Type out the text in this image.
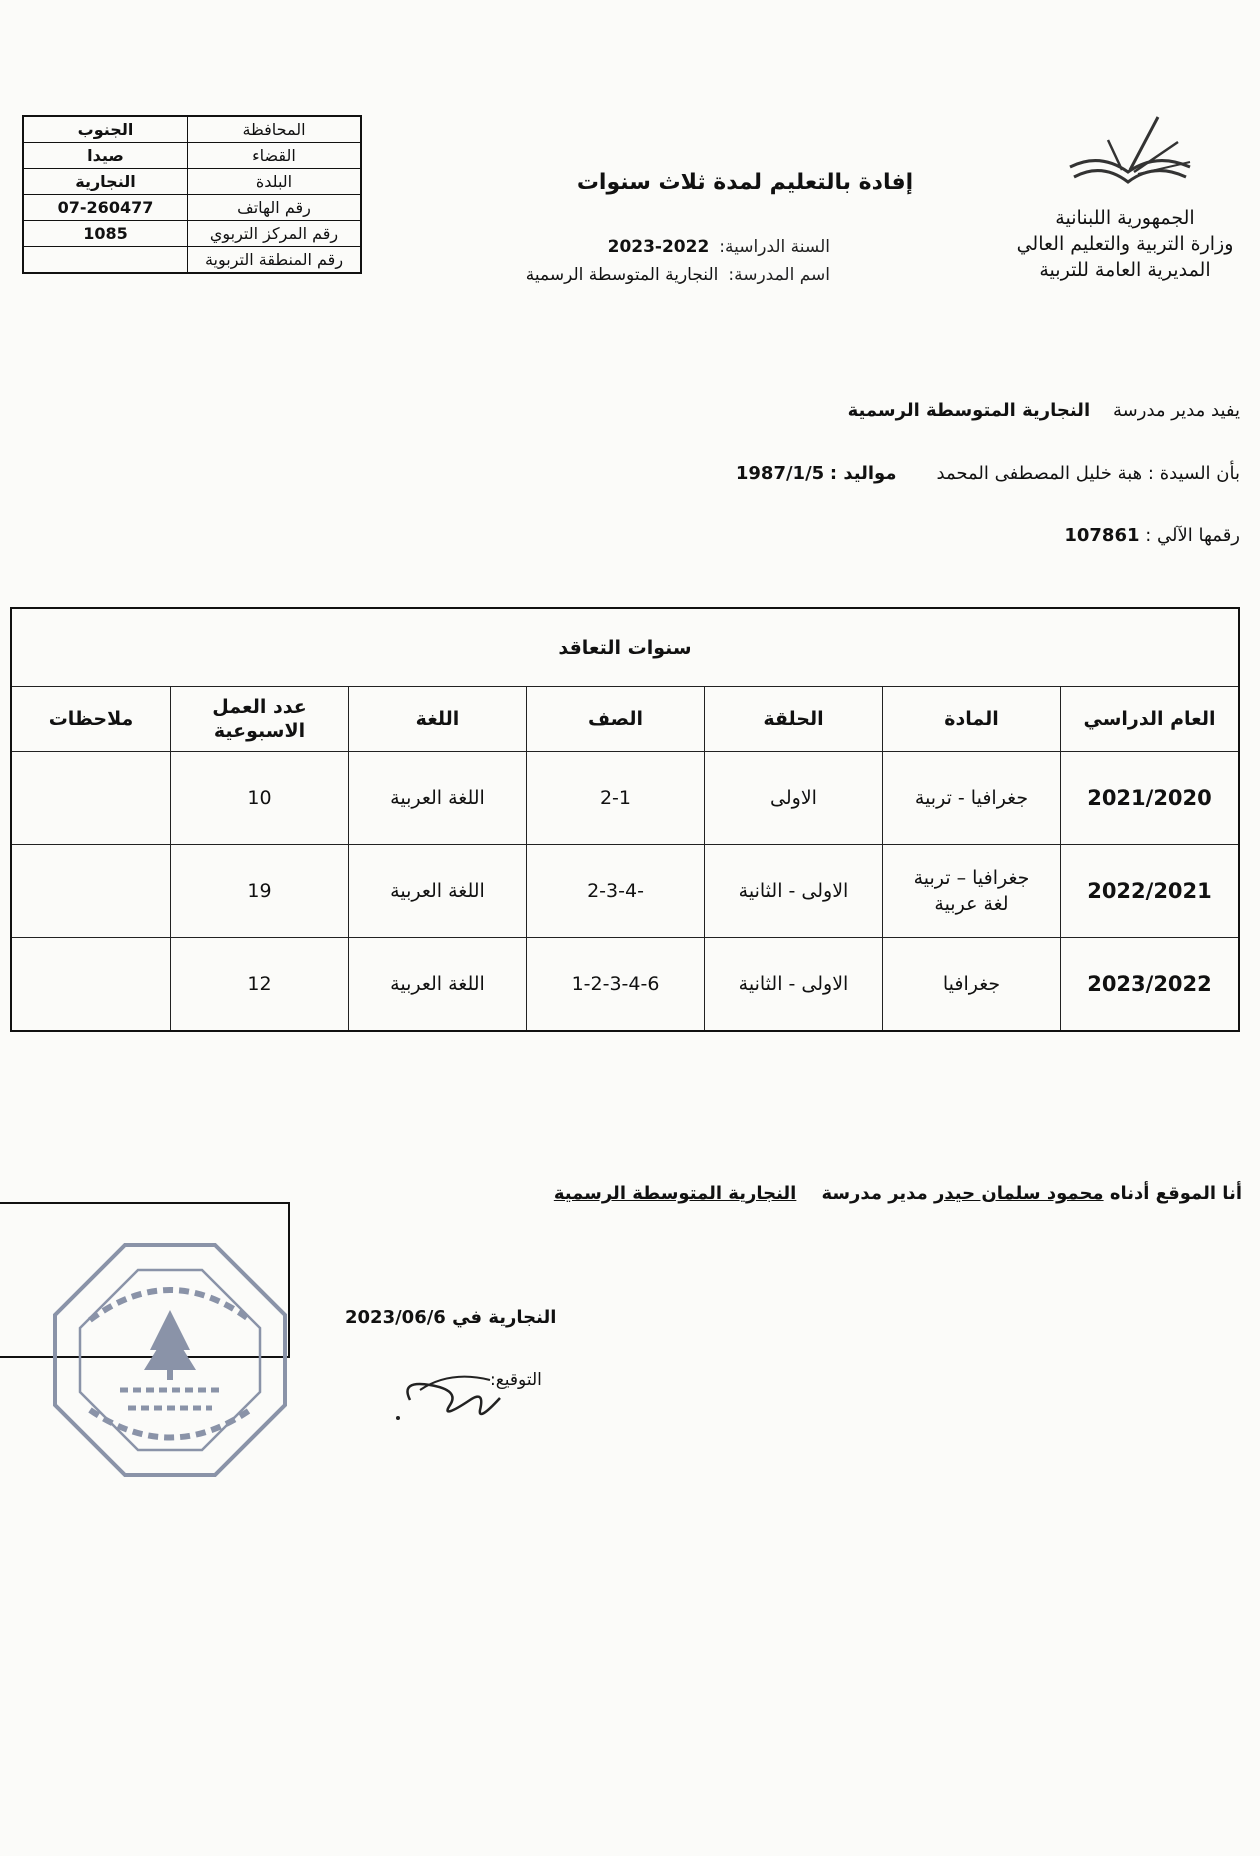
الجمهورية اللبنانية
وزارة التربية والتعليم العالي
المديرية العامة للتربية
إفادة بالتعليم لمدة ثلاث سنوات
السنة الدراسية:
2023-2022
اسم المدرسة:
النجارية المتوسطة الرسمية
المحافظة	الجنوب
القضاء	صيدا
البلدة	النجارية
رقم الهاتف	07-260477
رقم المركز التربوي	1085
رقم المنطقة التربوية	
يفيد مدير مدرسة    النجارية المتوسطة الرسمية
بأن السيدة : هبة خليل المصطفى المحمد       مواليد : 1987/1/5
رقمها الآلي : 107861
سنوات التعاقد						
العام الدراسي	المادة	الحلقة	الصف	اللغة	عدد العمل الاسبوعية	ملاحظات
2021/2020	جغرافيا - تربية	الاولى	2-1	اللغة العربية	10	
2022/2021	جغرافيا – تربية لغة عربية	الاولى - الثانية	-2-3-4	اللغة العربية	19	
2023/2022	جغرافيا	الاولى - الثانية	1-2-3-4-6	اللغة العربية	12	
أنا الموقع أدناه محمود سلمان حيدر مدير مدرسة    النجارية المتوسطة الرسمية
النجارية في 2023/06/6
التوقيع:
